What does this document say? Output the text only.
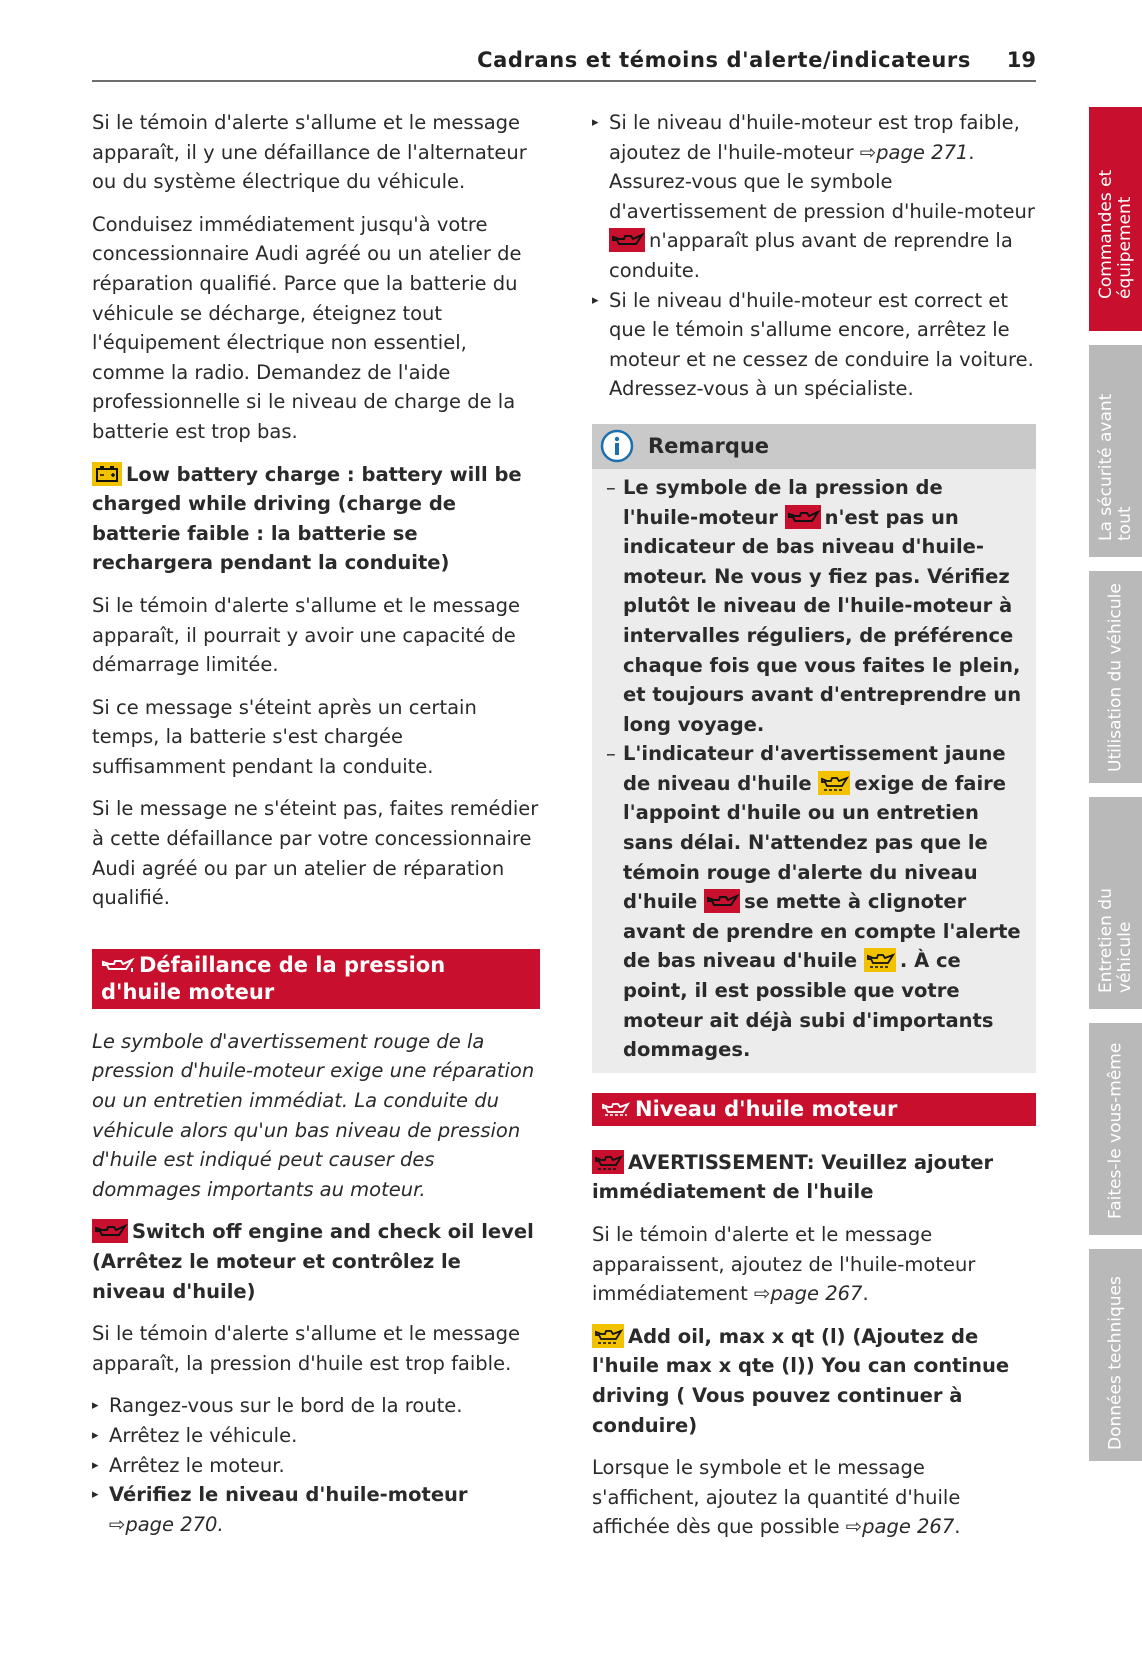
Cadrans et témoins d'alerte/indicateurs 19

Si le témoin d'alerte s'allume et le message apparaît, il y une défaillance de l'alternateur ou du système électrique du véhicule.

Conduisez immédiatement jusqu'à votre concessionnaire Audi agréé ou un atelier de réparation qualifié. Parce que la batterie du véhicule se décharge, éteignez tout l'équipement électrique non essentiel, comme la radio. Demandez de l'aide professionnelle si le niveau de charge de la batterie est trop bas.

Low battery charge : battery will be charged while driving (charge de batterie faible : la batterie se rechargera pendant la conduite)

Si le témoin d'alerte s'allume et le message apparaît, il pourrait y avoir une capacité de démarrage limitée.

Si ce message s'éteint après un certain temps, la batterie s'est chargée suffisamment pendant la conduite.

Si le message ne s'éteint pas, faites remédier à cette défaillance par votre concessionnaire Audi agréé ou par un atelier de réparation qualifié.

Défaillance de la pression d'huile moteur

Le symbole d'avertissement rouge de la pression d'huile-moteur exige une réparation ou un entretien immédiat. La conduite du véhicule alors qu'un bas niveau de pression d'huile est indiqué peut causer des dommages importants au moteur.

Switch off engine and check oil level (Arrêtez le moteur et contrôlez le niveau d'huile)

Si le témoin d'alerte s'allume et le message apparaît, la pression d'huile est trop faible.

▸ Rangez-vous sur le bord de la route.
▸ Arrêtez le véhicule.
▸ Arrêtez le moteur.
▸ Vérifiez le niveau d'huile-moteur
⇨page 270.
▸ Si le niveau d'huile-moteur est trop faible, ajoutez de l'huile-moteur ⇨page 271. Assurez-vous que le symbole d'avertissement de pression d'huile-moteur
n'apparaît plus avant de reprendre la conduite.
▸ Si le niveau d'huile-moteur est correct et que le témoin s'allume encore, arrêtez le moteur et ne cessez de conduire la voiture. Adressez-vous à un spécialiste.
Remarque
– Le symbole de la pression de l'huile-moteur n'est pas un indicateur de bas niveau d'huile-moteur. Ne vous y fiez pas. Vérifiez plutôt le niveau de l'huile-moteur à intervalles réguliers, de préférence chaque fois que vous faites le plein, et toujours avant d'entreprendre un long voyage.
– L'indicateur d'avertissement jaune de niveau d'huile exige de faire l'appoint d'huile ou un entretien sans délai. N'attendez pas que le témoin rouge d'alerte du niveau d'huile se mette à clignoter avant de prendre en compte l'alerte de bas niveau d'huile . À ce point, il est possible que votre moteur ait déjà subi d'importants dommages.
Niveau d'huile moteur

AVERTISSEMENT: Veuillez ajouter immédiatement de l'huile

Si le témoin d'alerte et le message apparaissent, ajoutez de l'huile-moteur immédiatement ⇨page 267.

Add oil, max x qt (l) (Ajoutez de l'huile max x qte (l)) You can continue driving ( Vous pouvez continuer à conduire)

Lorsque le symbole et le message s'affichent, ajoutez la quantité d'huile affichée dès que possible ⇨page 267.

Commandes et équipement
La sécurité avant tout
Utilisation du véhicule
Entretien du véhicule
Faites-le vous-même
Données techniques
